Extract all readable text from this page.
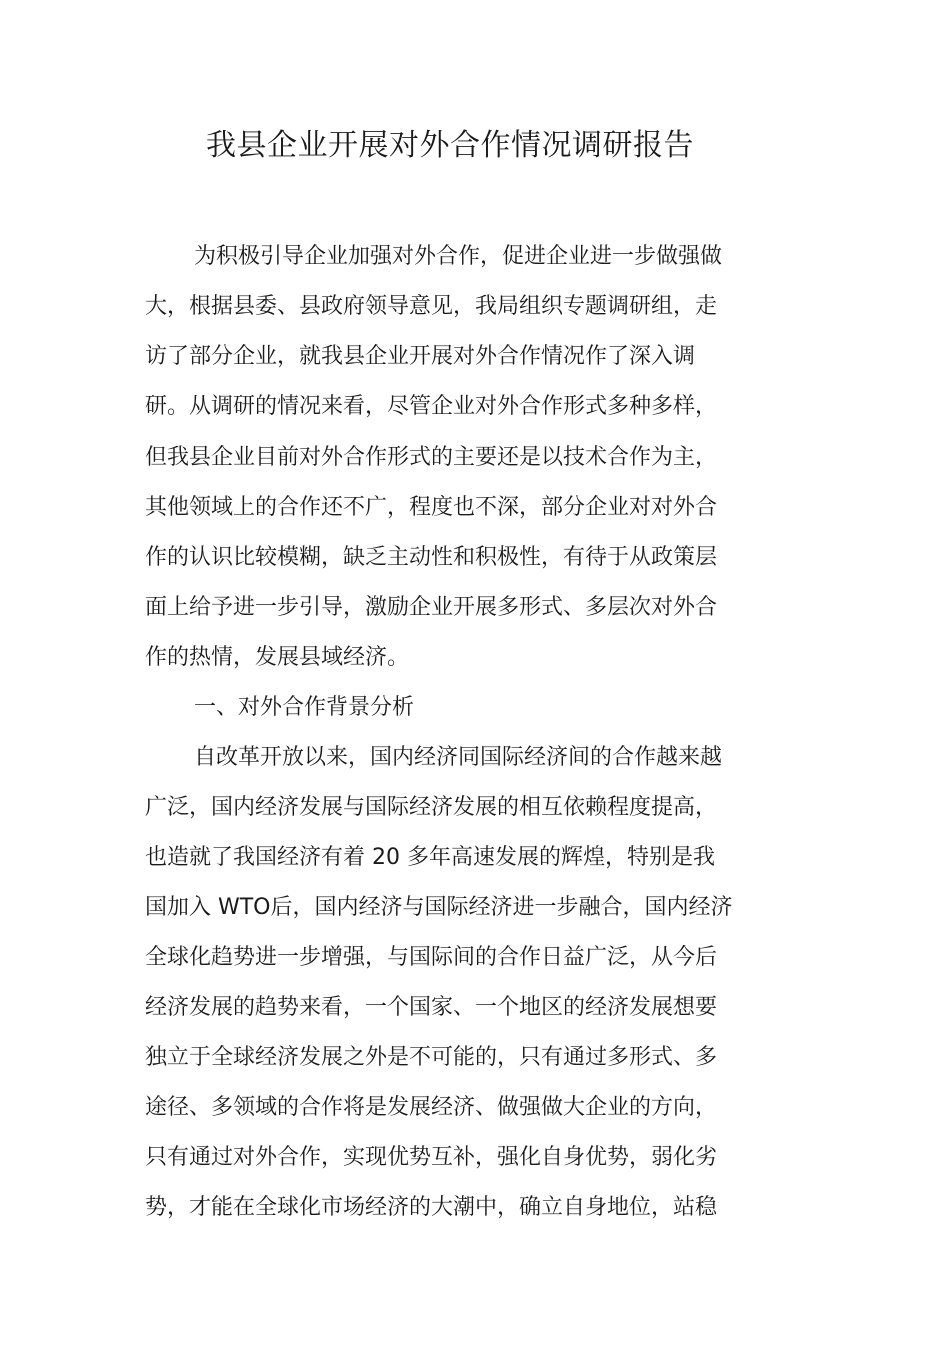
我县企业开展对外合作情况调研报告
为积极引导企业加强对外合作，促进企业进一步做强做
大，根据县委、县政府领导意见，我局组织专题调研组，走
访了部分企业，就我县企业开展对外合作情况作了深入调
研。从调研的情况来看，尽管企业对外合作形式多种多样，
但我县企业目前对外合作形式的主要还是以技术合作为主，
其他领域上的合作还不广，程度也不深，部分企业对对外合
作的认识比较模糊，缺乏主动性和积极性，有待于从政策层
面上给予进一步引导，激励企业开展多形式、多层次对外合
作的热情，发展县域经济。
一、对外合作背景分析
自改革开放以来，国内经济同国际经济间的合作越来越
广泛，国内经济发展与国际经济发展的相互依赖程度提高，
也造就了我国经济有着 20 多年高速发展的辉煌，特别是我
国加入 WTO后，国内经济与国际经济进一步融合，国内经济
全球化趋势进一步增强，与国际间的合作日益广泛，从今后
经济发展的趋势来看，一个国家、一个地区的经济发展想要
独立于全球经济发展之外是不可能的，只有通过多形式、多
途径、多领域的合作将是发展经济、做强做大企业的方向，
只有通过对外合作，实现优势互补，强化自身优势，弱化劣
势，才能在全球化市场经济的大潮中，确立自身地位，站稳
